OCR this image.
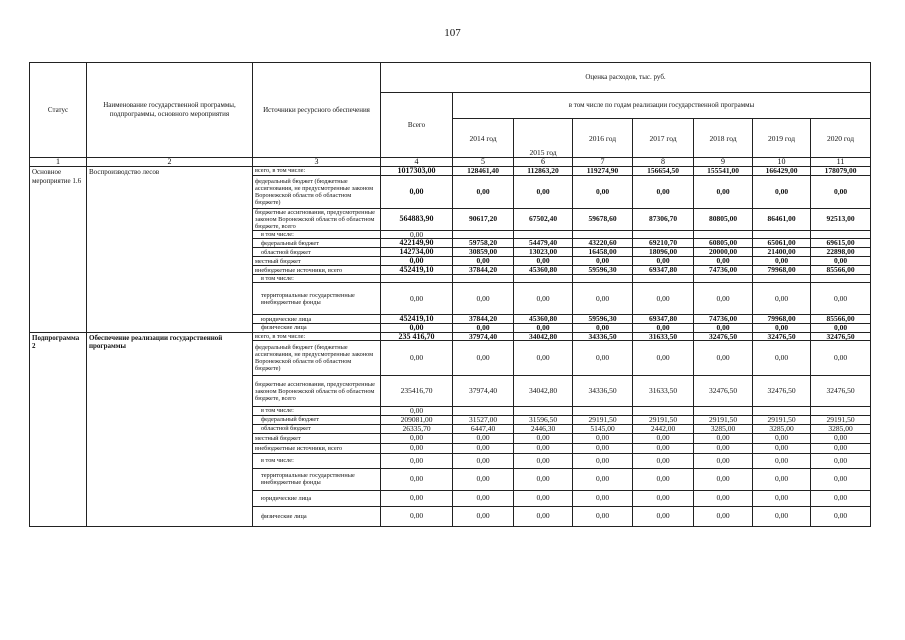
107
Статус	Наименование государственной программы, подпрограммы, основного мероприятия	Источники ресурсного обеспечения	Оценка расходов, тыс. руб.							
			Всего	в том числе по годам реализации государственной программы						
				2014 год	2015 год	2016 год	2017 год	2018 год	2019 год	2020 год
1	2	3	4	5	6	7	8	9	10	11
Основное мероприятие 1.6	Воспроизводство лесов	всего, в том числе:	1017303,00	128461,40	112863,20	119274,90	156654,50	155541,00	166429,00	178079,00
		федеральный бюджет (бюджетные ассигнования, не предусмотренные законом Воронежской области об областном бюджете)	0,00	0,00	0,00	0,00	0,00	0,00	0,00	0,00
		бюджетные ассигнования, предусмотренные законом Воронежской области об областном бюджете, всего	564883,90	90617,20	67502,40	59678,60	87306,70	80805,00	86461,00	92513,00
		в том числе:	0,00							
		федеральный бюджет	422149,90	59758,20	54479,40	43220,60	69210,70	60805,00	65061,00	69615,00
		областной бюджет	142734,00	30859,00	13023,00	16458,00	18096,00	20000,00	21400,00	22898,00
		местный бюджет	0,00	0,00	0,00	0,00	0,00	0,00	0,00	0,00
		внебюджетные источники, всего	452419,10	37844,20	45360,80	59596,30	69347,80	74736,00	79968,00	85566,00
		в том числе:								
		территориальные государственные внебюджетные фонды	0,00	0,00	0,00	0,00	0,00	0,00	0,00	0,00
		юридические лица	452419,10	37844,20	45360,80	59596,30	69347,80	74736,00	79968,00	85566,00
		физические лица	0,00	0,00	0,00	0,00	0,00	0,00	0,00	0,00
Подпрограмма 2	Обеспечение реализации государственной программы	всего, в том числе:	235 416,70	37974,40	34042,80	34336,50	31633,50	32476,50	32476,50	32476,50
		федеральный бюджет (бюджетные ассигнования, не предусмотренные законом Воронежской области об областном бюджете)	0,00	0,00	0,00	0,00	0,00	0,00	0,00	0,00
		бюджетные ассигнования, предусмотренные законом Воронежской области об областном бюджете, всего	235416,70	37974,40	34042,80	34336,50	31633,50	32476,50	32476,50	32476,50
		в том числе:	0,00							
		федеральный бюджет	209081,00	31527,00	31596,50	29191,50	29191,50	29191,50	29191,50	29191,50
		областной бюджет	26335,70	6447,40	2446,30	5145,00	2442,00	3285,00	3285,00	3285,00
		местный бюджет	0,00	0,00	0,00	0,00	0,00	0,00	0,00	0,00
		внебюджетные источники, всего	0,00	0,00	0,00	0,00	0,00	0,00	0,00	0,00
		в том числе:	0,00	0,00	0,00	0,00	0,00	0,00	0,00	0,00
		территориальные государственные внебюджетные фонды	0,00	0,00	0,00	0,00	0,00	0,00	0,00	0,00
		юридические лица	0,00	0,00	0,00	0,00	0,00	0,00	0,00	0,00
		физические лица	0,00	0,00	0,00	0,00	0,00	0,00	0,00	0,00
